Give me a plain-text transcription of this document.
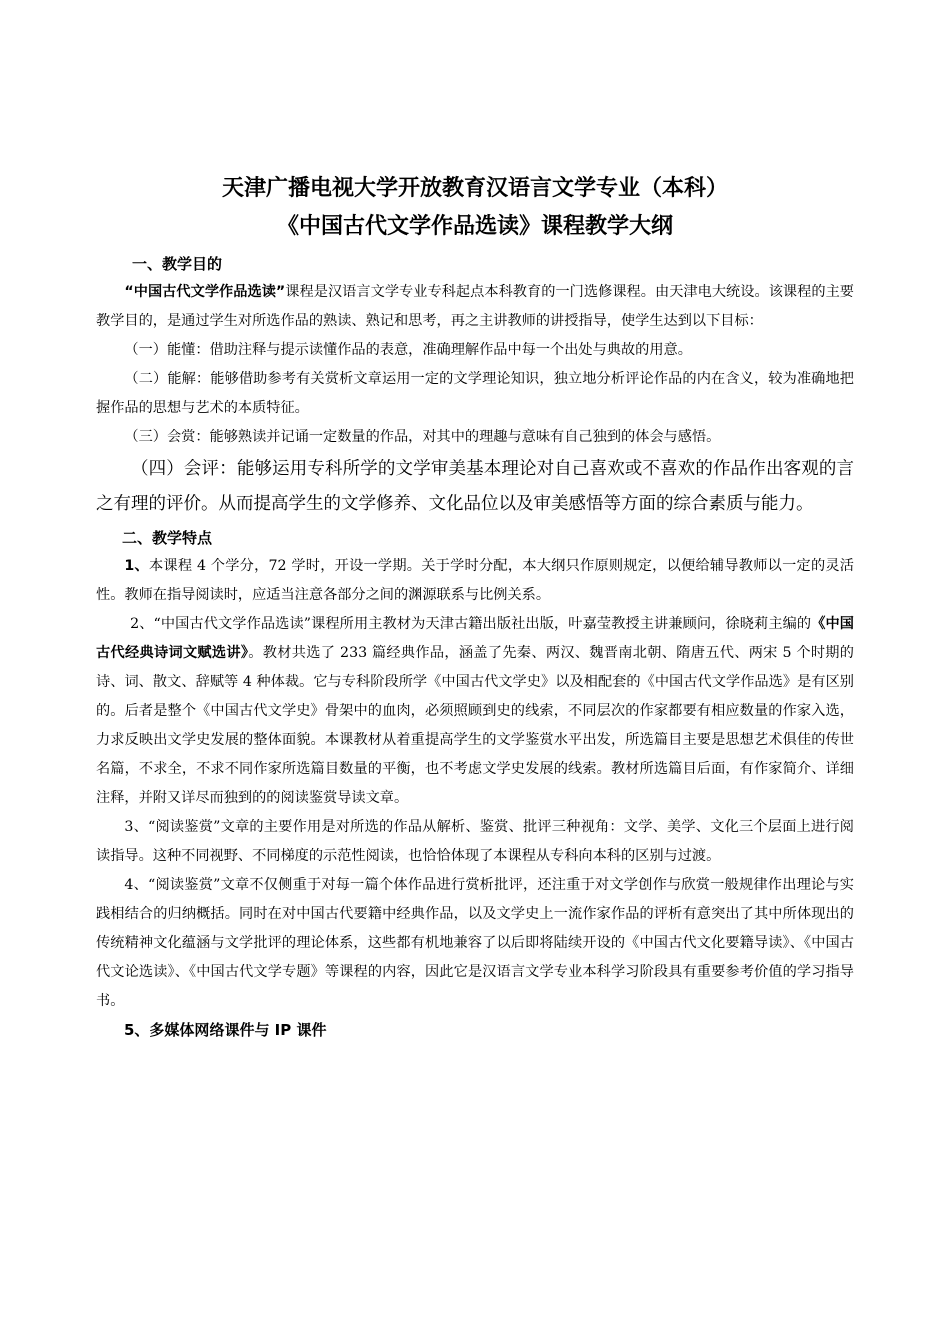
天津广播电视大学开放教育汉语言文学专业（本科）
《中国古代文学作品选读》课程教学大纲
一、教学目的

“中国古代文学作品选读”课程是汉语言文学专业专科起点本科教育的一门选修课程。由天津电大统设。该课程的主要教学目的，是通过学生对所选作品的熟读、熟记和思考，再之主讲教师的讲授指导，使学生达到以下目标：

（一）能懂：借助注释与提示读懂作品的表意，准确理解作品中每一个出处与典故的用意。

（二）能解：能够借助参考有关赏析文章运用一定的文学理论知识，独立地分析评论作品的内在含义，较为准确地把握作品的思想与艺术的本质特征。

（三）会赏：能够熟读并记诵一定数量的作品，对其中的理趣与意味有自己独到的体会与感悟。

（四）会评：能够运用专科所学的文学审美基本理论对自己喜欢或不喜欢的作品作出客观的言之有理的评价。从而提高学生的文学修养、文化品位以及审美感悟等方面的综合素质与能力。

二、教学特点

1、本课程 4 个学分，72 学时，开设一学期。关于学时分配，本大纲只作原则规定，以便给辅导教师以一定的灵活性。教师在指导阅读时，应适当注意各部分之间的渊源联系与比例关系。

2、“中国古代文学作品选读”课程所用主教材为天津古籍出版社出版，叶嘉莹教授主讲兼顾问，徐晓莉主编的《中国古代经典诗词文赋选讲》。教材共选了 233 篇经典作品，涵盖了先秦、两汉、魏晋南北朝、隋唐五代、两宋 5 个时期的诗、词、散文、辞赋等 4 种体裁。它与专科阶段所学《中国古代文学史》以及相配套的《中国古代文学作品选》是有区别的。后者是整个《中国古代文学史》骨架中的血肉，必须照顾到史的线索，不同层次的作家都要有相应数量的作家入选，力求反映出文学史发展的整体面貌。本课教材从着重提高学生的文学鉴赏水平出发，所选篇目主要是思想艺术俱佳的传世名篇，不求全，不求不同作家所选篇目数量的平衡，也不考虑文学史发展的线索。教材所选篇目后面，有作家简介、详细注释，并附又详尽而独到的的阅读鉴赏导读文章。

3、“阅读鉴赏”文章的主要作用是对所选的作品从解析、鉴赏、批评三种视角：文学、美学、文化三个层面上进行阅读指导。这种不同视野、不同梯度的示范性阅读，也恰恰体现了本课程从专科向本科的区别与过渡。

4、“阅读鉴赏”文章不仅侧重于对每一篇个体作品进行赏析批评，还注重于对文学创作与欣赏一般规律作出理论与实践相结合的归纳概括。同时在对中国古代要籍中经典作品，以及文学史上一流作家作品的评析有意突出了其中所体现出的传统精神文化蕴涵与文学批评的理论体系，这些都有机地兼容了以后即将陆续开设的《中国古代文化要籍导读》、《中国古代文论选读》、《中国古代文学专题》等课程的内容，因此它是汉语言文学专业本科学习阶段具有重要参考价值的学习指导书。

5、多媒体网络课件与 IP 课件
